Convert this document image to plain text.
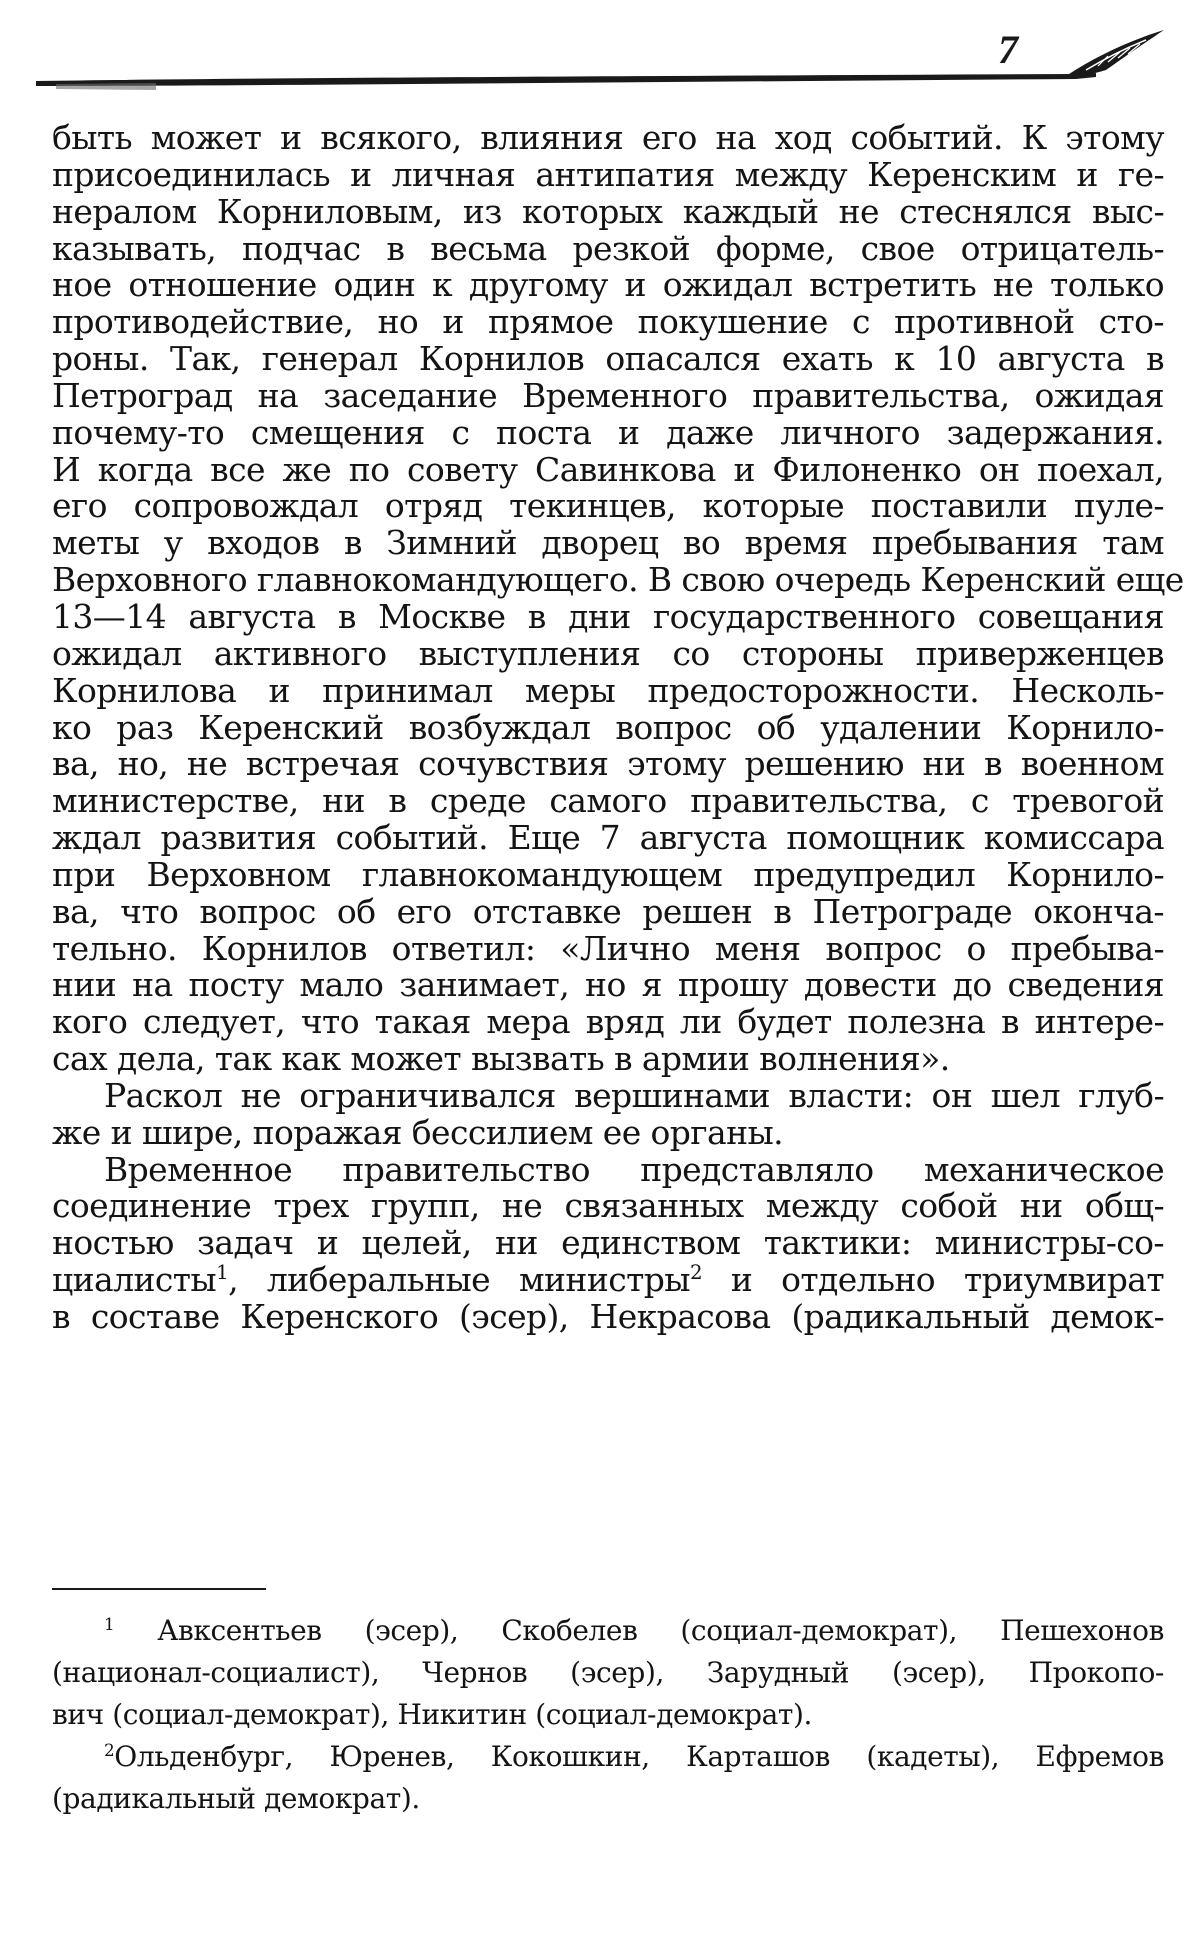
7
быть может и всякого, влияния его на ход событий. К этому
присоединилась и личная антипатия между Керенским и ге-
нералом Корниловым, из которых каждый не стеснялся выс-
казывать, подчас в весьма резкой форме, свое отрицатель-
ное отношение один к другому и ожидал встретить не только
противодействие, но и прямое покушение с противной сто-
роны. Так, генерал Корнилов опасался ехать к 10 августа в
Петроград на заседание Временного правительства, ожидая
почему-то смещения с поста и даже личного задержания.
И когда все же по совету Савинкова и Филоненко он поехал,
его сопровождал отряд текинцев, которые поставили пуле-
меты у входов в Зимний дворец во время пребывания там
Верховного главнокомандующего. В свою очередь Керенский еще
13—14 августа в Москве в дни государственного совещания
ожидал активного выступления со стороны приверженцев
Корнилова и принимал меры предосторожности. Несколь-
ко раз Керенский возбуждал вопрос об удалении Корнило-
ва, но, не встречая сочувствия этому решению ни в военном
министерстве, ни в среде самого правительства, с тревогой
ждал развития событий. Еще 7 августа помощник комиссара
при Верховном главнокомандующем предупредил Корнило-
ва, что вопрос об его отставке решен в Петрограде оконча-
тельно. Корнилов ответил: «Лично меня вопрос о пребыва-
нии на посту мало занимает, но я прошу довести до сведения
кого следует, что такая мера вряд ли будет полезна в интере-
сах дела, так как может вызвать в армии волнения».
Раскол не ограничивался вершинами власти: он шел глуб-
же и шире, поражая бессилием ее органы.
Временное правительство представляло механическое
соединение трех групп, не связанных между собой ни общ-
ностью задач и целей, ни единством тактики: министры-со-
циалисты$^1$, либеральные министры$^2$ и отдельно триумвират
в составе Керенского (эсер), Некрасова (радикальный демок-
$^1$ Авксентьев (эсер), Скобелев (социал-демократ), Пешехонов
(национал-социалист), Чернов (эсер), Зарудный (эсер), Прокопо-
вич (социал-демократ), Никитин (социал-демократ).
$^2$Ольденбург, Юренев, Кокошкин, Карташов (кадеты), Ефремов
(радикальный демократ).
